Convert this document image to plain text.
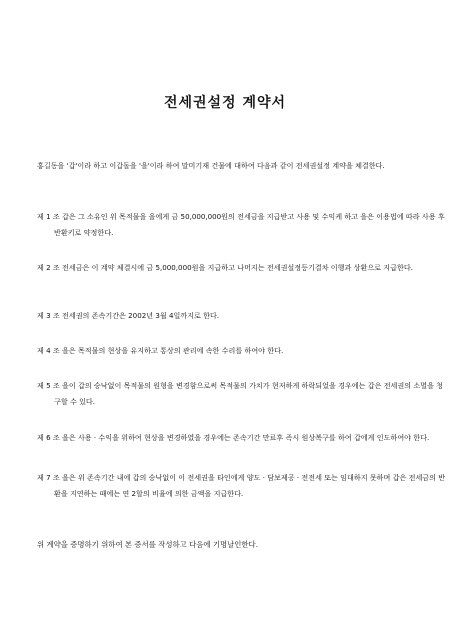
전세권설정 계약서
홍길동을 '갑'이라 하고 이갑돌을 '을'이라 하여 말미기재 건물에 대하여 다음과 같이 전세권설정 계약을 체결한다.
제 1 조 갑은 그 소유인 위 목적물을 을에게 금 50,000,000원의 전세금을 지급받고 사용 및 수익케 하고 을은 이용법에 따라 사용 후 반환키로 약정한다.
제 2 조 전세금은 이 계약 체결시에 금 5,000,000원을 지급하고 나머지는 전세권설정등기결차 이행과 상환으로 지급한다.
제 3 조 전세권의 존속기간은 2002년 3월 4일까지로 한다.
제 4 조 을은 목적물의 현상을 유지하고 통상의 관리에 속한 수리를 하여야 한다.
제 5 조 을이 갑의 승낙없이 목적물의 원형을 변경함으로써 목적물의 가치가 현저하게 하락되었을 경우에는 갑은 전세권의 소멸을 청구할 수 있다.
제 6 조 을은 사용 · 수익을 위하여 현상을 변경하였을 경우에는 존속기간 만료후 즉시 원상복구를 하여 갑에게 인도하여야 한다.
제 7 조 을은 위 존속기간 내에 갑의 승낙없이 이 전세권을 타인에게 양도 · 담보제공 · 전전세 또는 임대하지 못하며 갑은 전세금의 반환을 지연하는 때에는 연 2할의 비율에 의한 금액을 지급한다.
위 계약을 증명하기 위하여 본 증서를 작성하고 다음에 기명날인한다.
